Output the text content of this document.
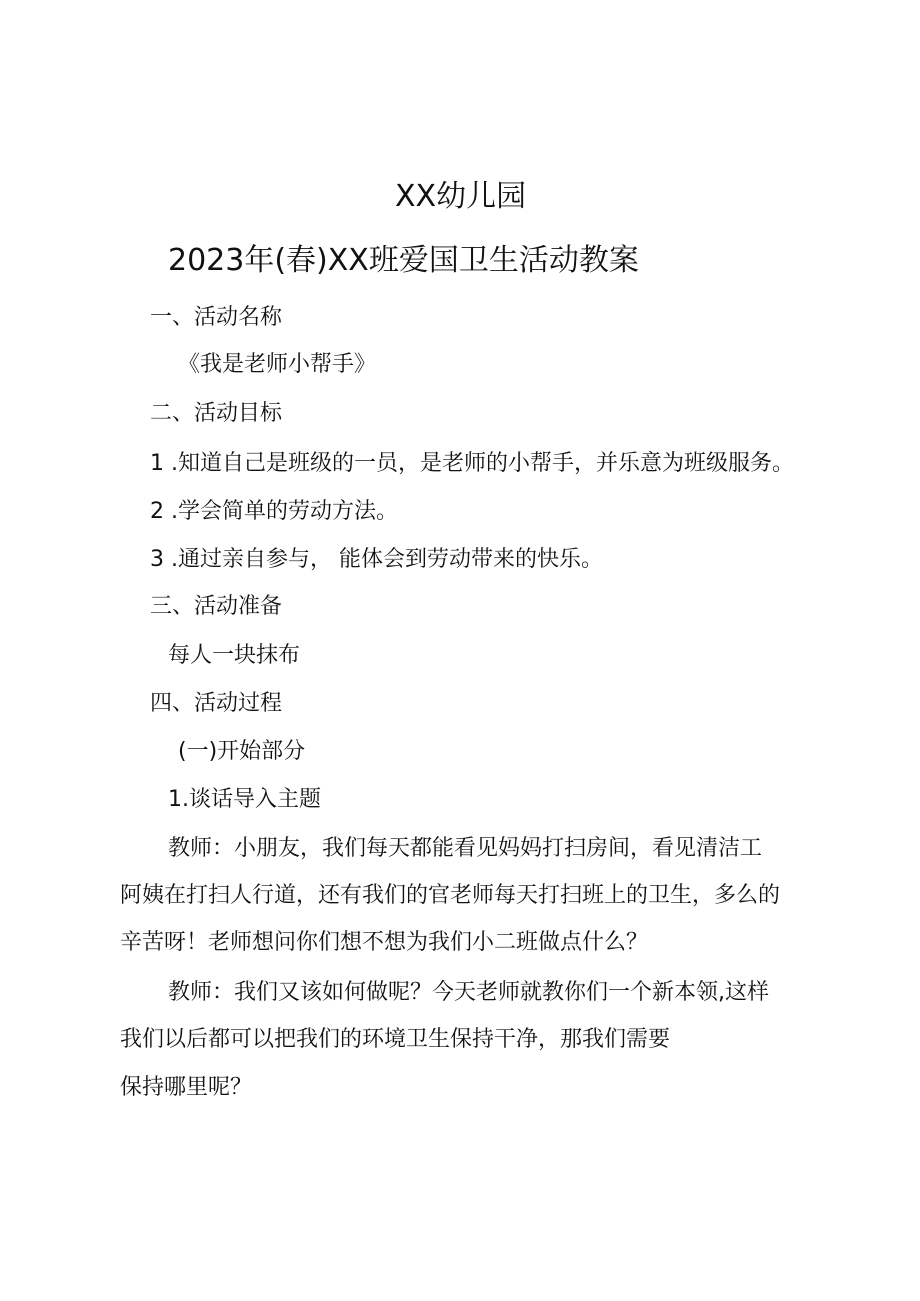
XX幼儿园
2023年(春)XX班爱国卫生活动教案
一、活动名称
《我是老师小帮手》
二、活动目标
1 .知道自己是班级的一员，是老师的小帮手，并乐意为班级服务。
2 .学会简单的劳动方法。
3 .通过亲自参与， 能体会到劳动带来的快乐。
三、活动准备
每人一块抹布
四、活动过程
(一)开始部分
1.谈话导入主题
教师：小朋友，我们每天都能看见妈妈打扫房间，看见清洁工
阿姨在打扫人行道，还有我们的官老师每天打扫班上的卫生，多么的
辛苦呀！老师想问你们想不想为我们小二班做点什么？
教师：我们又该如何做呢？今天老师就教你们一个新本领,这样
我们以后都可以把我们的环境卫生保持干净，那我们需要
保持哪里呢？
